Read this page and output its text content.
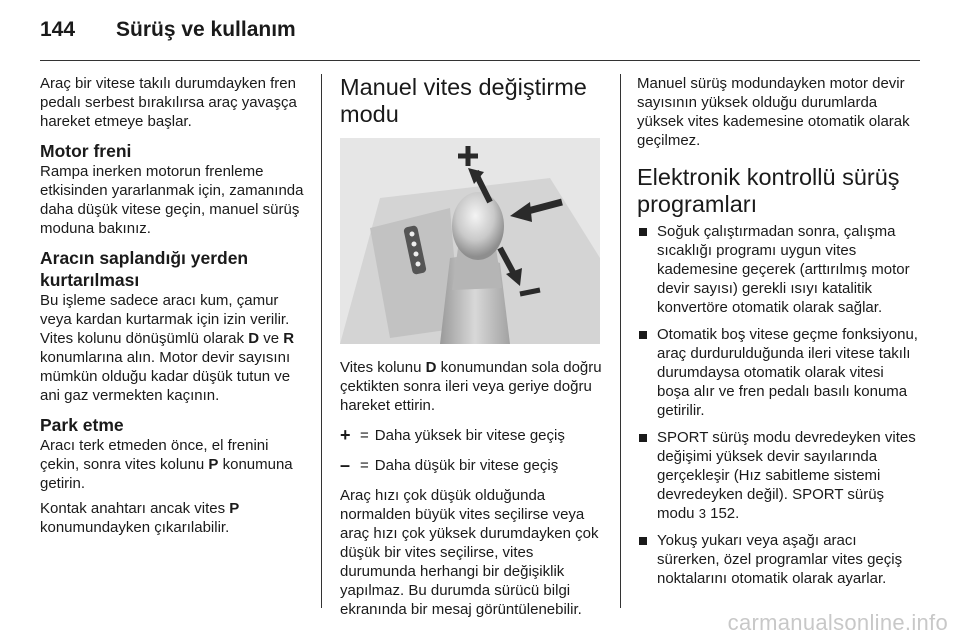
144 Sürüş ve kullanım

Araç bir vitese takılı durumdayken fren pedalı serbest bırakılırsa araç yavaşça hareket etmeye başlar.

Motor freni

Rampa inerken motorun frenleme etkisinden yararlanmak için, zamanında daha düşük vitese geçin, manuel sürüş moduna bakınız.

Aracın saplandığı yerden kurtarılması

Bu işleme sadece aracı kum, çamur veya kardan kurtarmak için izin verilir. Vites kolunu dönüşümlü olarak D ve R konumlarına alın. Motor devir sayısını mümkün olduğu kadar düşük tutun ve ani gaz vermekten kaçının.

Park etme

Aracı terk etmeden önce, el frenini çekin, sonra vites kolunu P konumuna getirin.

Kontak anahtarı ancak vites P konumundayken çıkarılabilir.

Manuel vites değiştirme modu

Vites kolunu D konumundan sola doğru çektikten sonra ileri veya geriye doğru hareket ettirin.

+ = Daha yüksek bir vitese geçiş
– = Daha düşük bir vitese geçiş

Araç hızı çok düşük olduğunda normalden büyük vites seçilirse veya araç hızı çok yüksek durumdayken çok düşük bir vites seçilirse, vites durumunda herhangi bir değişiklik yapılmaz. Bu durumda sürücü bilgi ekranında bir mesaj görüntülenebilir.

Manuel sürüş modundayken motor devir sayısının yüksek olduğu durumlarda yüksek vites kademesine otomatik olarak geçilmez.

Elektronik kontrollü sürüş programları
Soğuk çalıştırmadan sonra, çalışma sıcaklığı programı uygun vites kademesine geçerek (arttırılmış motor devir sayısı) gerekli ısıyı katalitik konvertöre otomatik olarak sağlar.
Otomatik boş vitese geçme fonksiyonu, araç durdurulduğunda ileri vitese takılı durumdaysa otomatik olarak vitesi boşa alır ve fren pedalı basılı konuma getirilir.
SPORT sürüş modu devredeyken vites değişimi yüksek devir sayılarında gerçekleşir (Hız sabitleme sistemi devredeyken değil). SPORT sürüş modu 3 152.
Yokuş yukarı veya aşağı aracı sürerken, özel programlar vites geçiş noktalarını otomatik olarak ayarlar.
carmanualsonline.info
